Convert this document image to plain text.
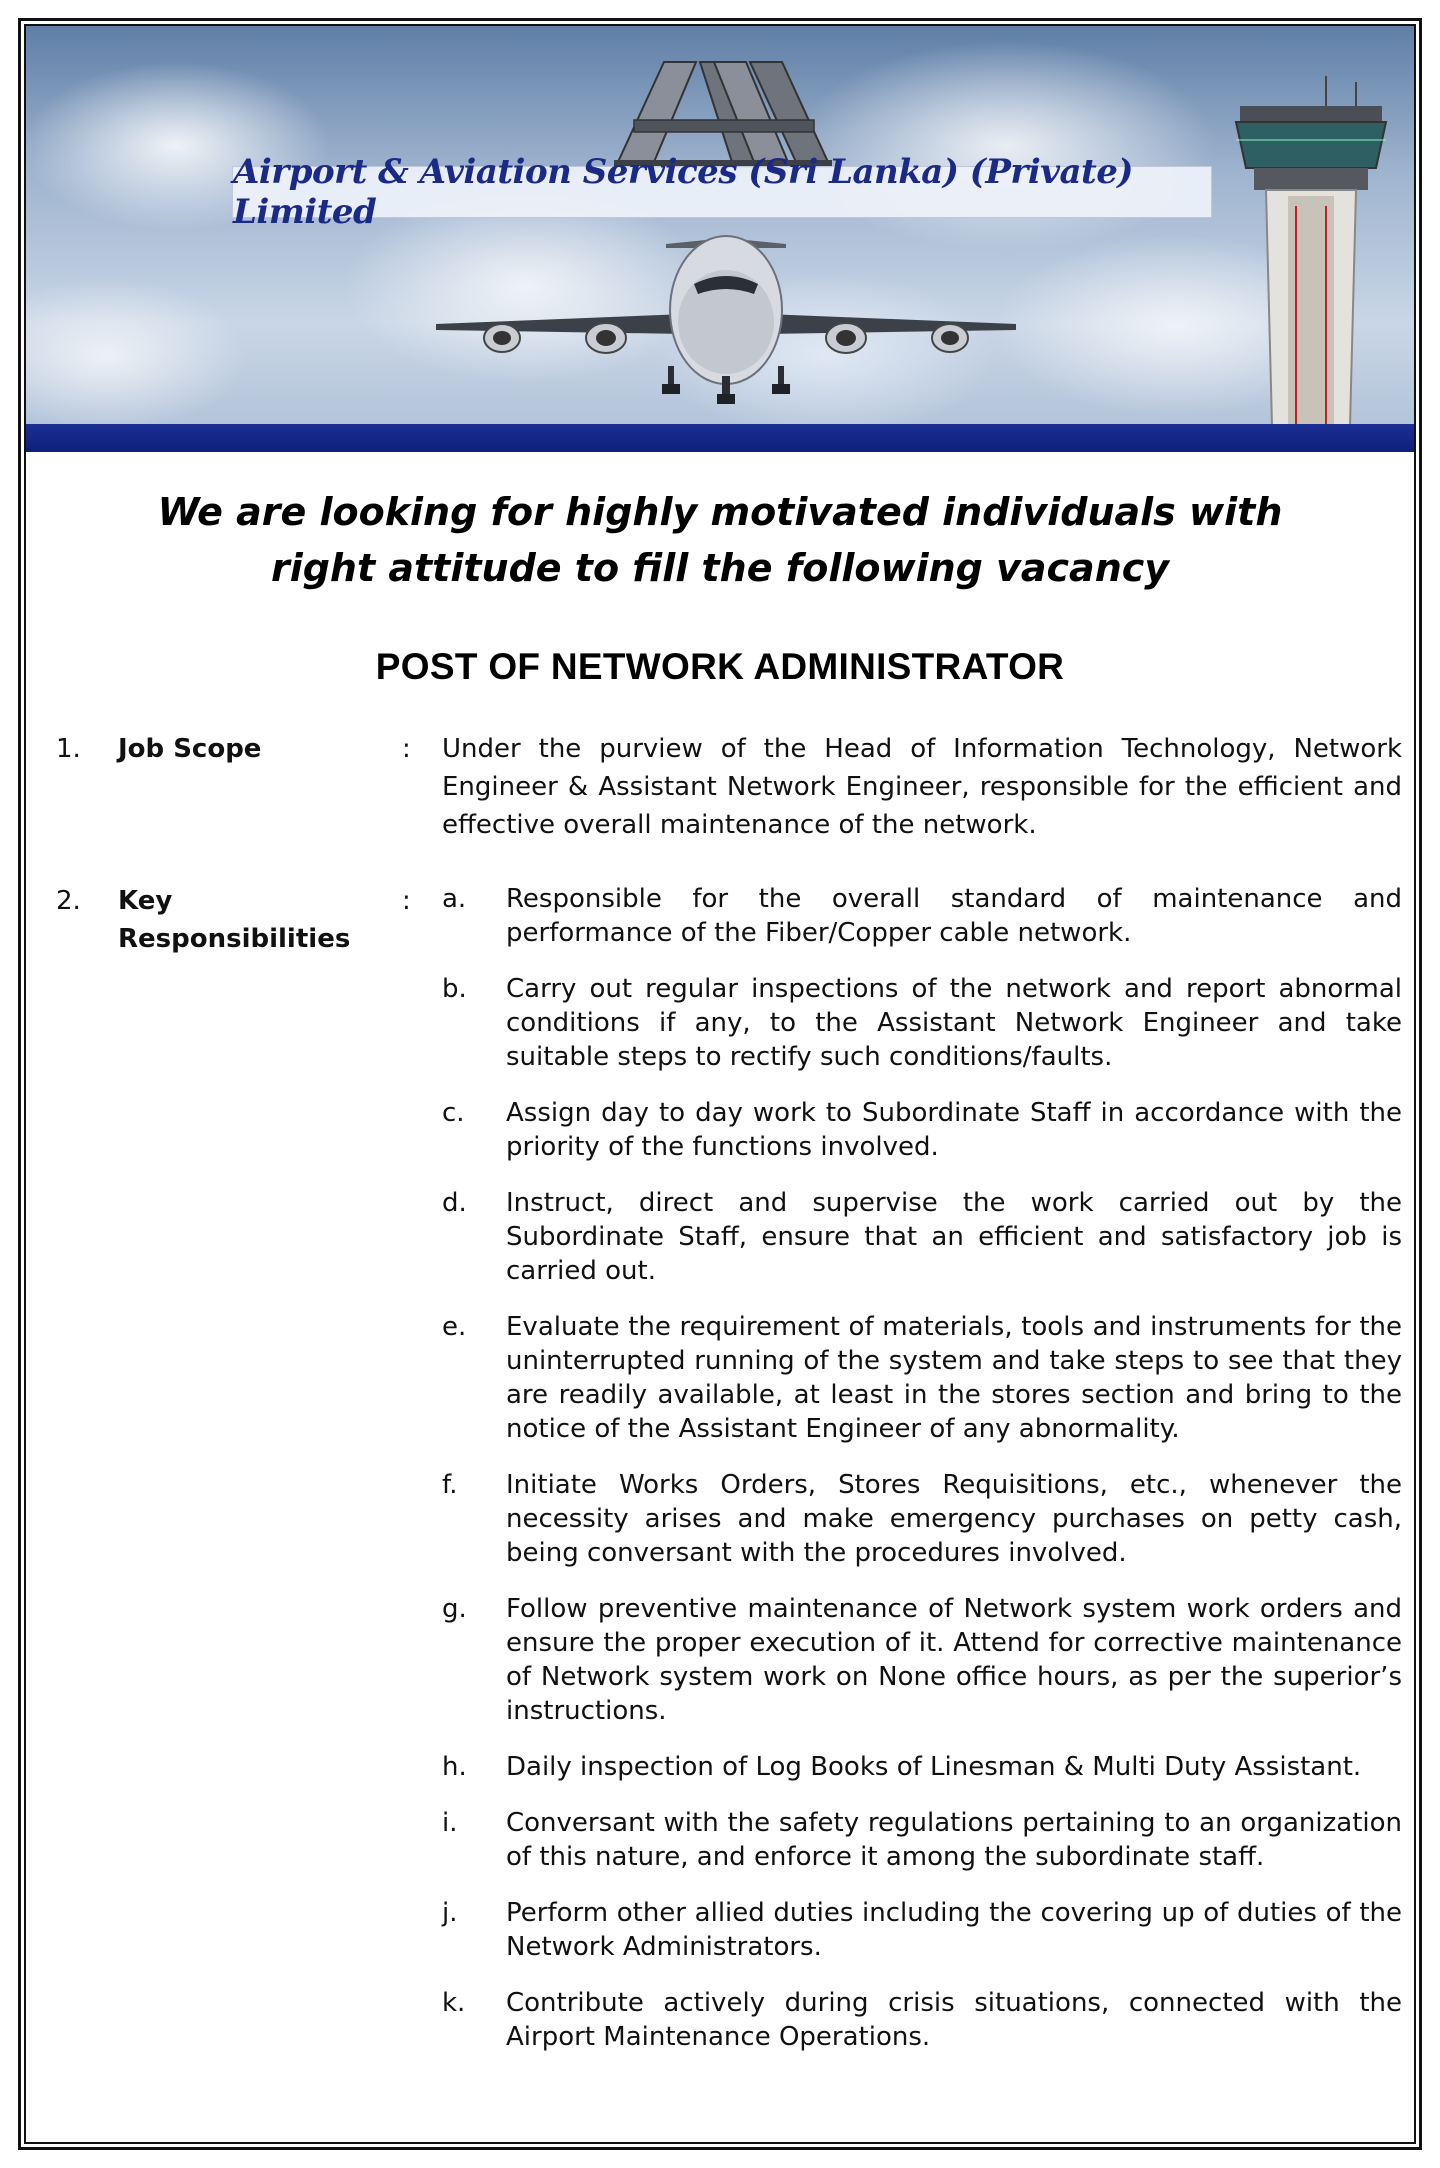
Airport & Aviation Services (Sri Lanka) (Private) Limited
We are looking for highly motivated individuals with
right attitude to fill the following vacancy
POST OF NETWORK ADMINISTRATOR
1. Job Scope	: Under the purview of the Head of Information Technology, Network Engineer & Assistant Network Engineer, responsible for the efficient and effective overall maintenance of the network.

2. Key
Responsibilities
: a. Responsible for the overall standard of maintenance and performance of the Fiber/Copper cable network.
b. Carry out regular inspections of the network and report abnormal conditions if any, to the Assistant Network Engineer and take suitable steps to rectify such conditions/faults.
c. Assign day to day work to Subordinate Staff in accordance with the priority of the functions involved.
d. Instruct, direct and supervise the work carried out by the Subordinate Staff, ensure that an efficient and satisfactory job is carried out.
e. Evaluate the requirement of materials, tools and instruments for the uninterrupted running of the system and take steps to see that they are readily available, at least in the stores section and bring to the notice of the Assistant Engineer of any abnormality.
f. Initiate Works Orders, Stores Requisitions, etc., whenever the necessity arises and make emergency purchases on petty cash, being conversant with the procedures involved.
g. Follow preventive maintenance of Network system work orders and ensure the proper execution of it. Attend for corrective maintenance of Network system work on None office hours, as per the superior’s instructions.
h. Daily inspection of Log Books of Linesman & Multi Duty Assistant.
i. Conversant with the safety regulations pertaining to an organization of this nature, and enforce it among the subordinate staff.
j. Perform other allied duties including the covering up of duties of the Network Administrators.
k. Contribute actively during crisis situations, connected with the Airport Maintenance Operations.
